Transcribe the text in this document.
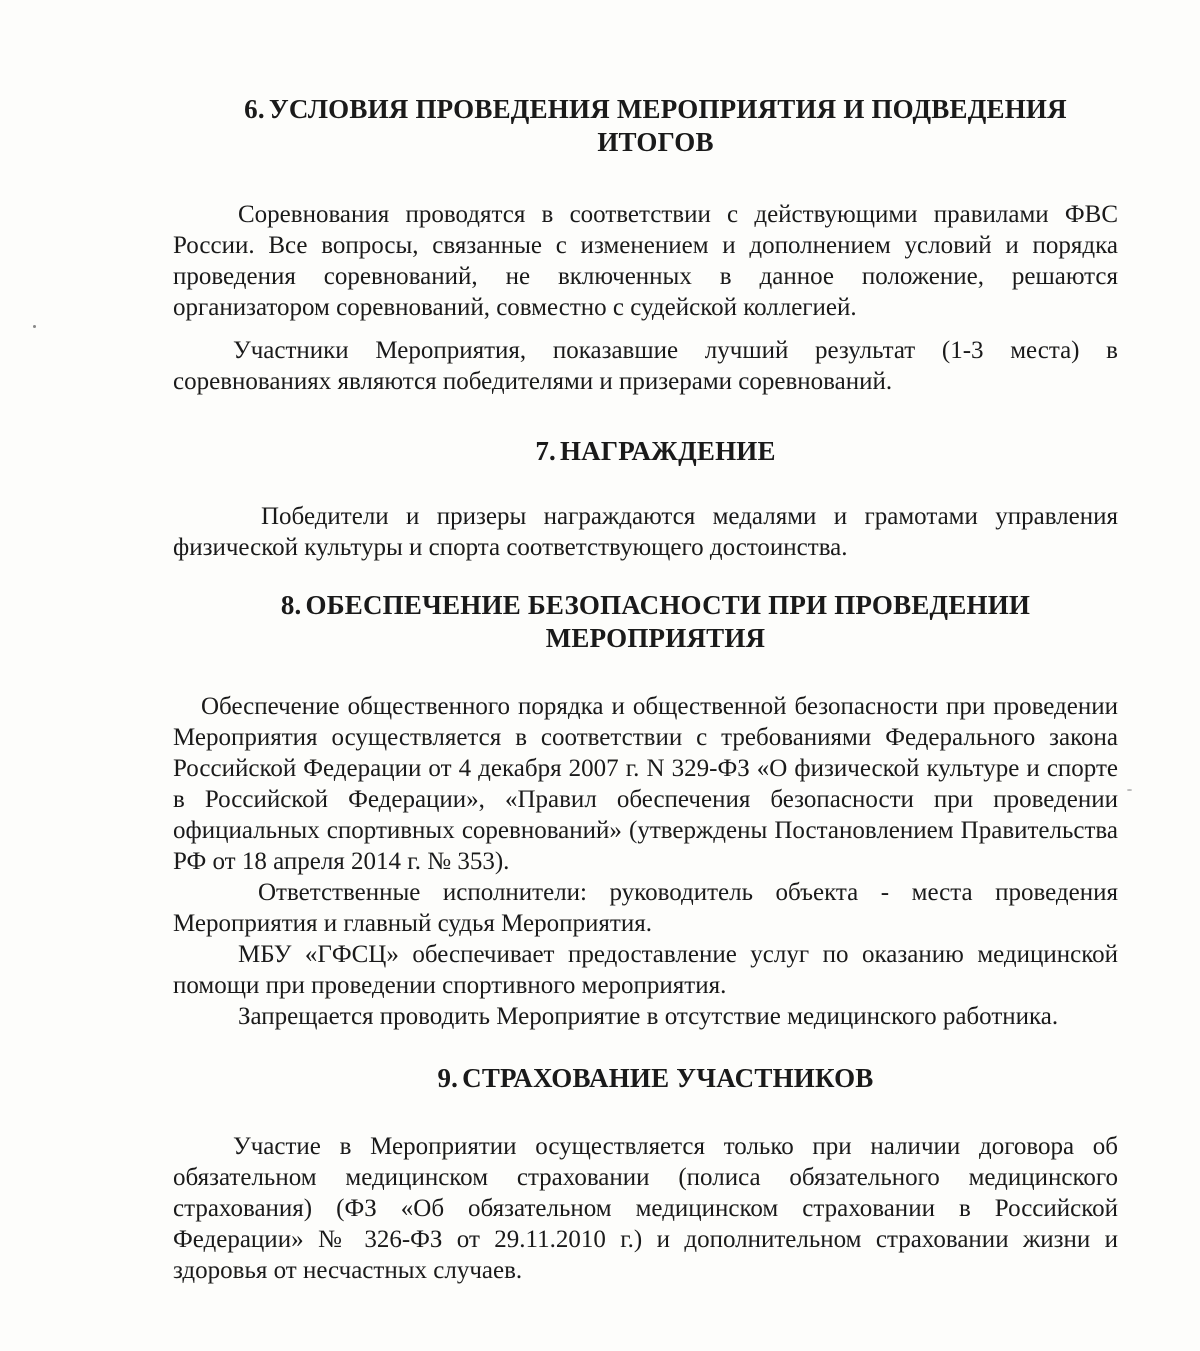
6. УСЛОВИЯ ПРОВЕДЕНИЯ МЕРОПРИЯТИЯ И ПОДВЕДЕНИЯ
ИТОГОВ

Соревнования проводятся в соответствии с действующими правилами ФВС России. Все вопросы, связанные с изменением и дополнением условий и порядка проведения соревнований, не включенных в данное положение, решаются организатором соревнований, совместно с судейской коллегией.

Участники Мероприятия, показавшие лучший результат (1-3 места) в соревнованиях являются победителями и призерами соревнований.

7. НАГРАЖДЕНИЕ

Победители и призеры награждаются медалями и грамотами управления физической культуры и спорта соответствующего достоинства.

8. ОБЕСПЕЧЕНИЕ БЕЗОПАСНОСТИ ПРИ ПРОВЕДЕНИИ
МЕРОПРИЯТИЯ

Обеспечение общественного порядка и общественной безопасности при проведении Мероприятия осуществляется в соответствии с требованиями Федерального закона Российской Федерации от 4 декабря 2007 г. N 329-ФЗ «О физической культуре и спорте в Российской Федерации», «Правил обеспечения безопасности при проведении официальных спортивных соревнований» (утверждены Постановлением Правительства РФ от 18 апреля 2014 г. № 353).

Ответственные исполнители: руководитель объекта - места проведения Мероприятия и главный судья Мероприятия.

МБУ «ГФСЦ» обеспечивает предоставление услуг по оказанию медицинской помощи при проведении спортивного мероприятия.

Запрещается проводить Мероприятие в отсутствие медицинского работника.

9. СТРАХОВАНИЕ УЧАСТНИКОВ

Участие в Мероприятии осуществляется только при наличии договора об обязательном медицинском страховании (полиса обязательного медицинского страхования) (ФЗ «Об обязательном медицинском страховании в Российской Федерации» № 326-ФЗ от 29.11.2010 г.) и дополнительном страховании жизни и здоровья от несчастных случаев.
